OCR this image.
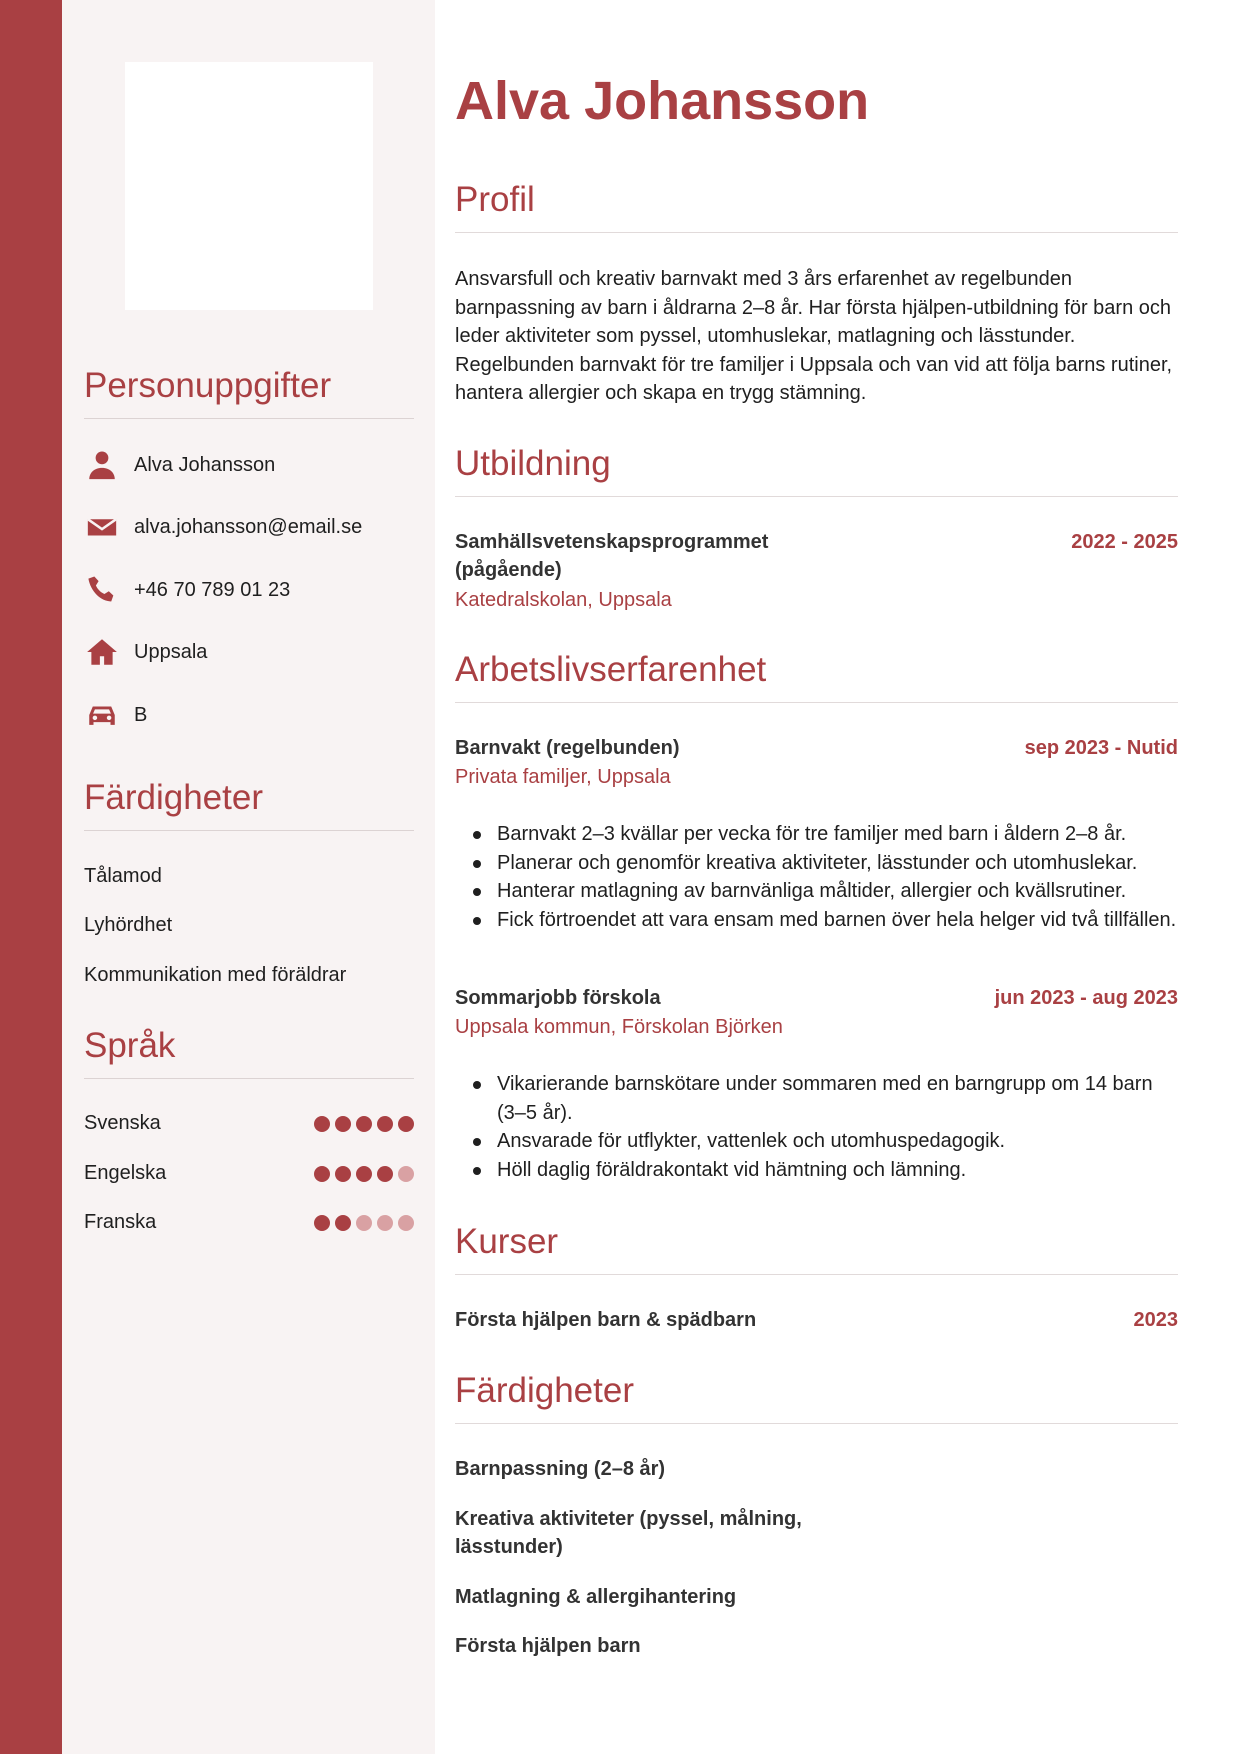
Personuppgifter
Alva Johansson
alva.johansson@email.se
+46 70 789 01 23
Uppsala
B
Färdigheter
Tålamod
Lyhördhet
Kommunikation med föräldrar
Språk
Svenska
Engelska
Franska
Alva Johansson
Profil
Ansvarsfull och kreativ barnvakt med 3 års erfarenhet av regelbunden barnpassning av barn i åldrarna 2–8 år. Har första hjälpen-utbildning för barn och leder aktiviteter som pyssel, utomhuslekar, matlagning och lässtunder. Regelbunden barnvakt för tre familjer i Uppsala och van vid att följa barns rutiner, hantera allergier och skapa en trygg stämning.
Utbildning
Samhällsvetenskapsprogrammet (pågående)
2022 - 2025
Katedralskolan, Uppsala
Arbetslivserfarenhet
Barnvakt (regelbunden)	sep 2023 - Nutid
Privata familjer, Uppsala
Barnvakt 2–3 kvällar per vecka för tre familjer med barn i åldern 2–8 år.
Planerar och genomför kreativa aktiviteter, lässtunder och utomhuslekar.
Hanterar matlagning av barnvänliga måltider, allergier och kvällsrutiner.
Fick förtroendet att vara ensam med barnen över hela helger vid två tillfällen.
Sommarjobb förskola	jun 2023 - aug 2023
Uppsala kommun, Förskolan Björken
Vikarierande barnskötare under sommaren med en barngrupp om 14 barn (3–5 år).
Ansvarade för utflykter, vattenlek och utomhuspedagogik.
Höll daglig föräldrakontakt vid hämtning och lämning.
Kurser
Första hjälpen barn & spädbarn	2023
Färdigheter
Barnpassning (2–8 år)
Kreativa aktiviteter (pyssel, målning, lässtunder)
Matlagning & allergihantering
Första hjälpen barn
